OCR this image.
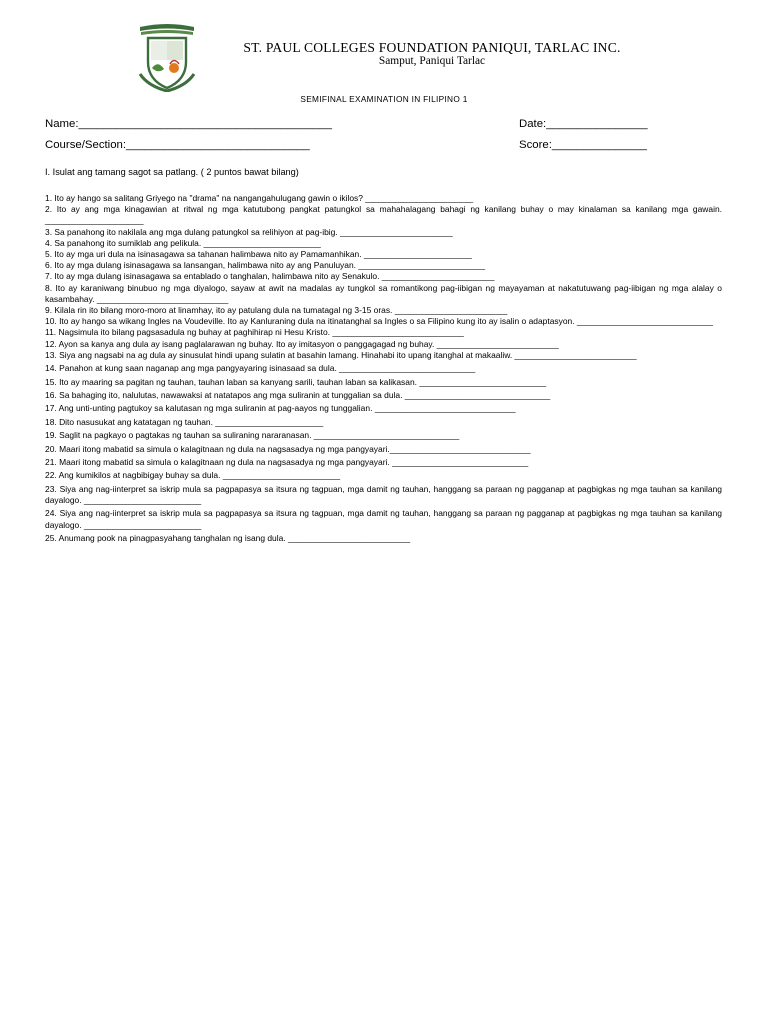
ST. PAUL COLLEGES FOUNDATION PANIQUI, TARLAC INC.
Samput, Paniqui Tarlac
SEMIFINAL EXAMINATION IN FILIPINO 1
Name:________________________________________
Course/Section:_____________________________
Date:________________
Score:_______________
I. Isulat ang tamang sagot sa patlang. ( 2 puntos bawat bilang)
1. Ito ay hango sa salitang Griyego na "drama" na nangangahulugang gawin o ikilos? _______________________
2. Ito ay ang mga kinagawian at ritwal ng mga katutubong pangkat patungkol sa mahahalagang bahagi ng kanilang buhay o may kinalaman sa kanilang mga gawain. _____________________
3. Sa panahong ito nakilala ang mga dulang patungkol sa relihiyon at pag-ibig. ________________________
4. Sa panahong ito sumiklab ang pelikula. _________________________
5. Ito ay mga uri dula na isinasagawa sa tahanan halimbawa nito ay Pamamanhikan. _______________________
6. Ito ay mga dulang isinasagawa sa lansangan, halimbawa nito ay ang Panuluyan. ___________________________
7. Ito ay mga dulang isinasagawa sa entablado o tanghalan, halimbawa nito ay Senakulo. ________________________
8. Ito ay karaniwang binubuo ng mga diyalogo, sayaw at awit na madalas ay tungkol sa romantikong pag-iibigan ng mayayaman at nakatutuwang pag-iibigan ng mga alalay o kasambahay. ____________________________
9. Kilala rin ito bilang moro-moro at linamhay, ito ay patulang dula na tumatagal ng 3-15 oras. ________________________
10. Ito ay hango sa wikang Ingles na Voudeville. Ito ay Kanluraning dula na itinatanghal sa Ingles o sa Filipino kung ito ay isalin o adaptasyon. _____________________________
11. Nagsimula ito bilang pagsasadula ng buhay at paghihirap ni Hesu Kristo. ____________________________
12. Ayon sa kanya ang dula ay isang paglalarawan ng buhay. Ito ay imitasyon o panggagagad ng buhay. __________________________
13. Siya ang nagsabi na ag dula ay sinusulat hindi upang sulatin at basahin lamang. Hinahabi ito upang itanghal at makaaliw. __________________________
14. Panahon at kung saan naganap ang mga pangyayaring isinasaad sa dula. _____________________________
15. Ito ay maaring sa pagitan ng tauhan, tauhan laban sa kanyang sarili, tauhan laban sa kalikasan. ___________________________
16. Sa bahaging ito, nalulutas, nawawaksi at natatapos ang mga suliranin at tunggalian sa dula. _______________________________
17. Ang unti-unting pagtukoy sa kalutasan ng mga suliranin at pag-aayos ng tunggalian. ______________________________
18. Dito nasusukat ang katatagan ng tauhan. _______________________
19. Saglit na pagkayo o pagtakas ng tauhan sa suliraning nararanasan. _______________________________
20. Maari itong mabatid sa simula o kalagitnaan ng dula na nagsasadya ng mga pangyayari.______________________________
21. Maari itong mabatid sa simula o kalagitnaan ng dula na nagsasadya ng mga pangyayari. _____________________________
22. Ang kumikilos at nagbibigay buhay sa dula. _________________________
23. Siya ang nag-iinterpret sa iskrip mula sa pagpapasya sa itsura ng tagpuan, mga damit ng tauhan, hanggang sa paraan ng pagganap at pagbigkas ng mga tauhan sa kanilang dayalogo. _________________________
24. Siya ang nag-iinterpret sa iskrip mula sa pagpapasya sa itsura ng tagpuan, mga damit ng tauhan, hanggang sa paraan ng pagganap at pagbigkas ng mga tauhan sa kanilang dayalogo. _________________________
25. Anumang pook na pinagpasyahang tanghalan ng isang dula. __________________________
